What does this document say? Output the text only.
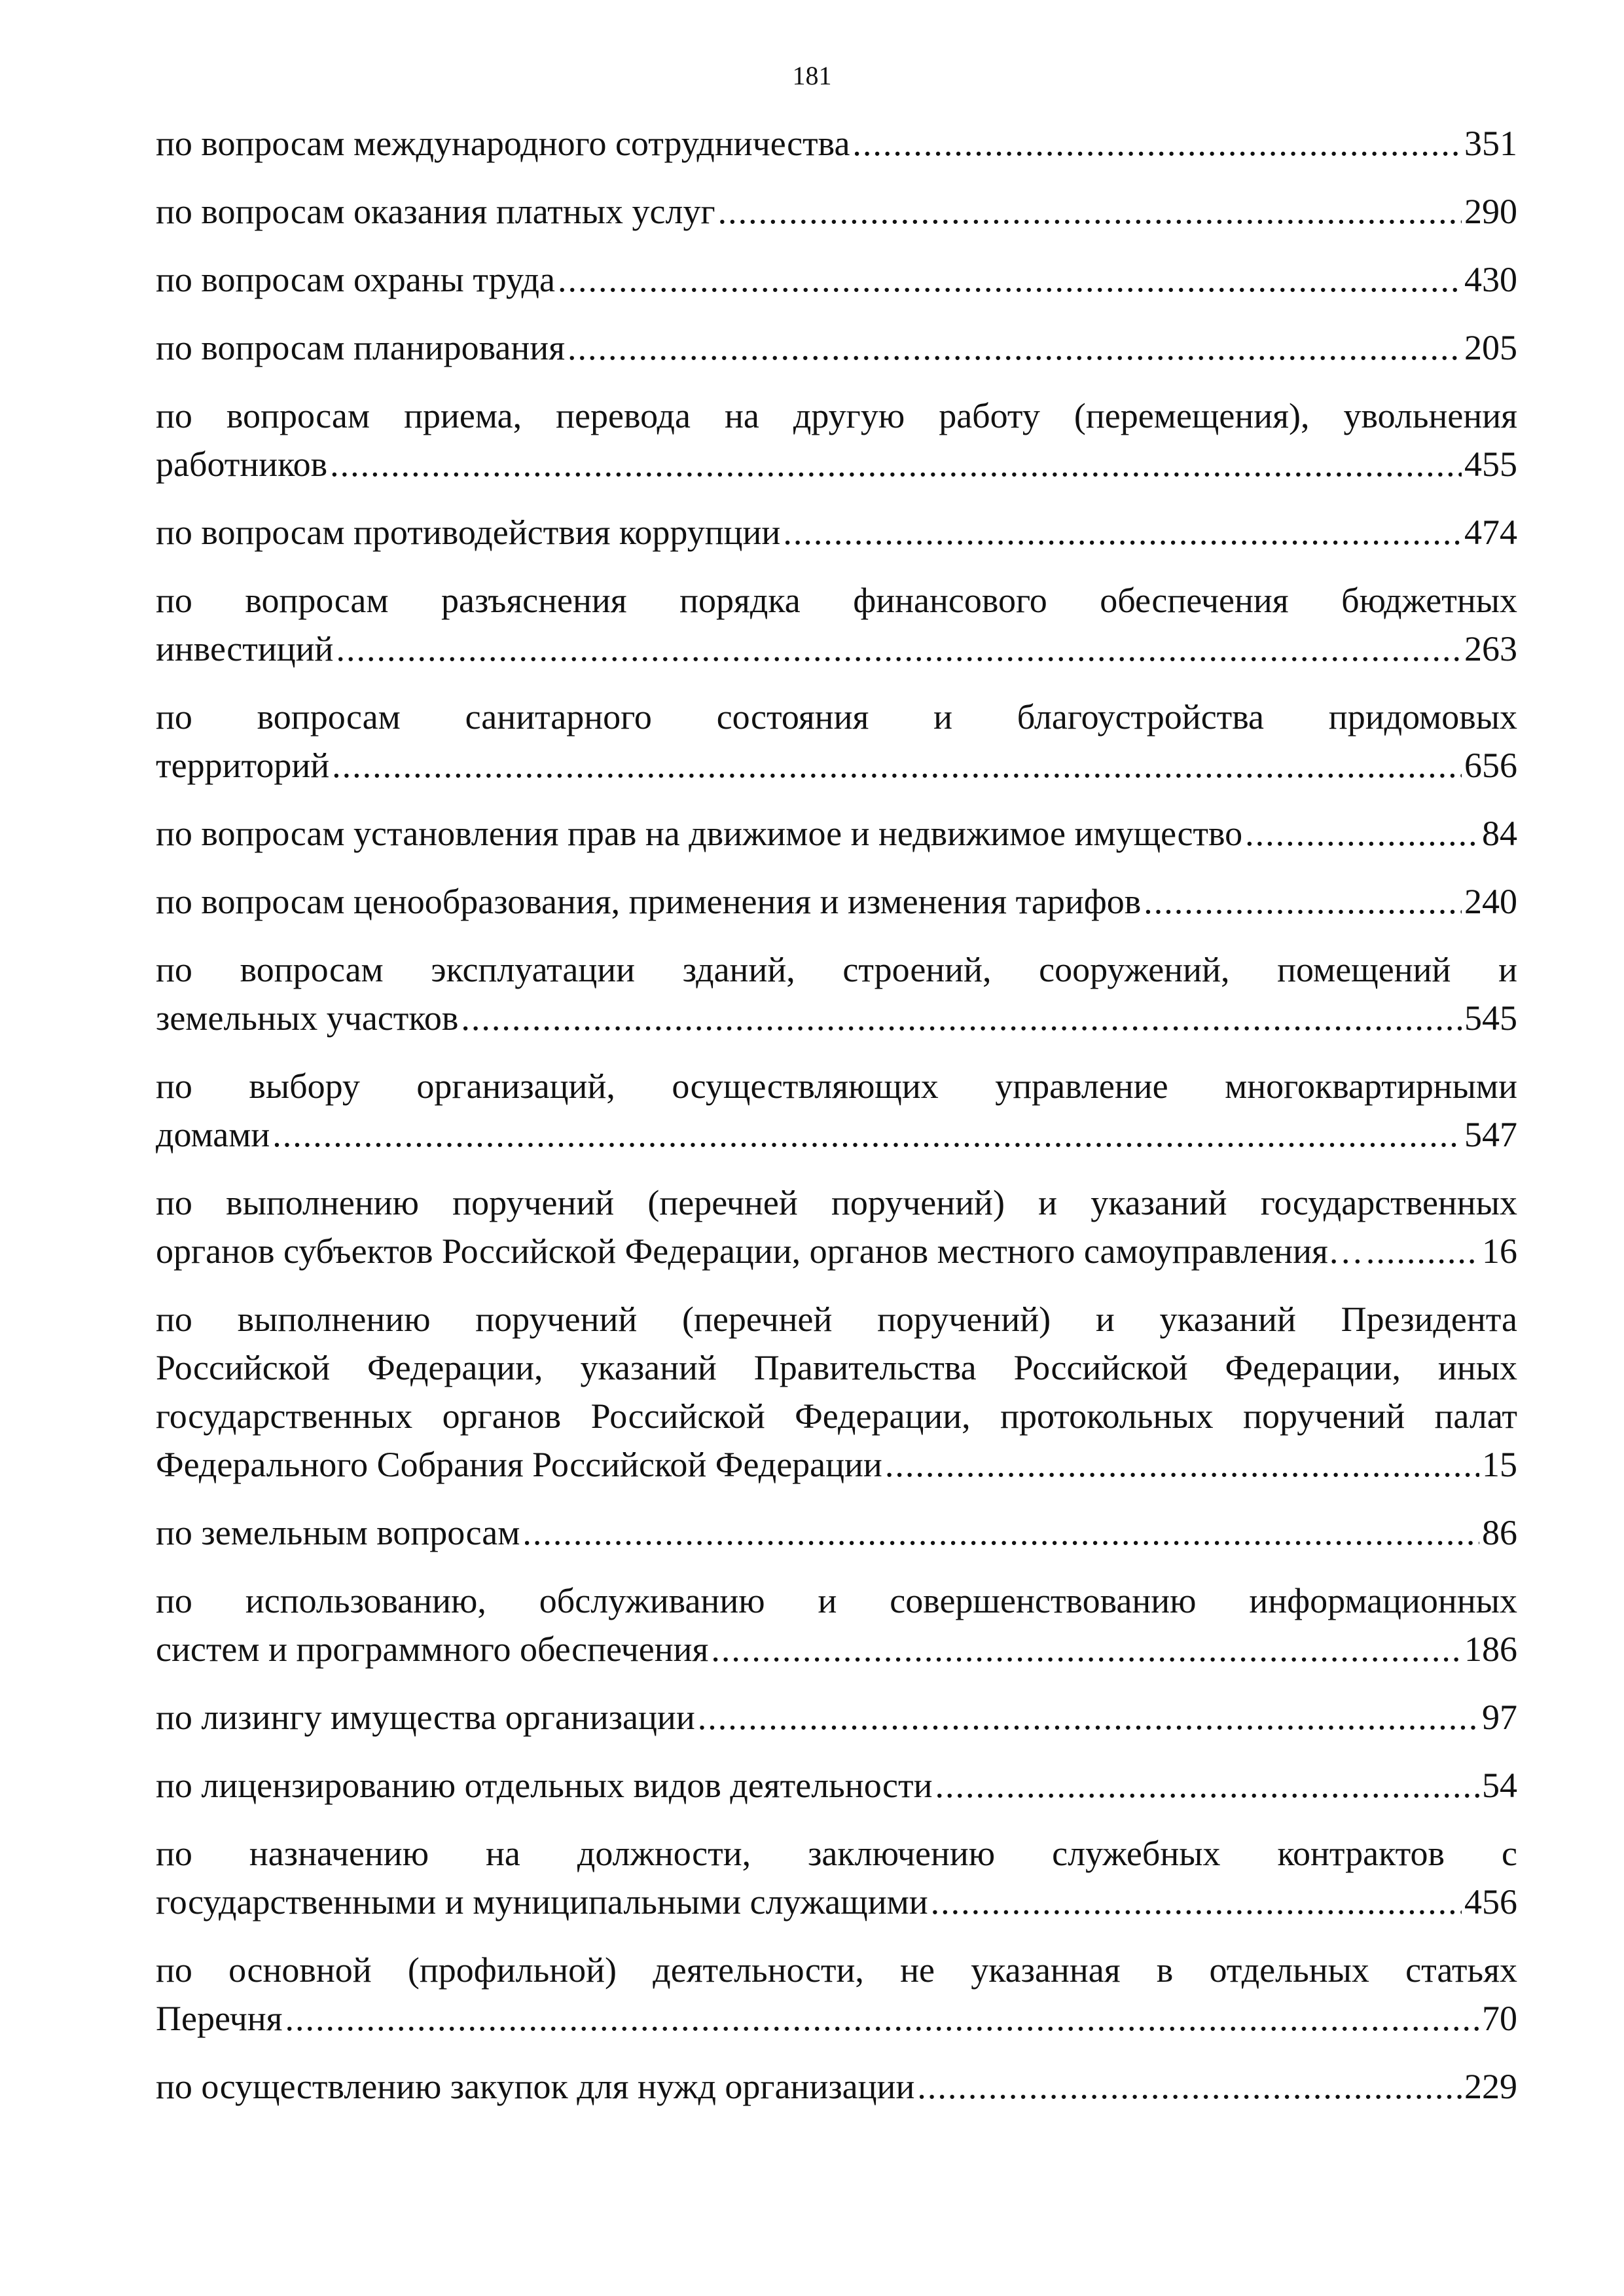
181
по вопросам международного сотрудничества .....	351
по вопросам оказания платных услуг .....	290
по вопросам охраны труда .....	430
по вопросам планирования .....	205
по вопросам приема, перевода на другую работу (перемещения), увольнения
работников .....	455
по вопросам противодействия коррупции .....	474
по вопросам разъяснения порядка финансового обеспечения бюджетных
инвестиций .....	263
по вопросам санитарного состояния и благоустройства придомовых
территорий .....	656
по вопросам установления прав на движимое и недвижимое имущество .....	84
по вопросам ценообразования, применения и изменения тарифов .....	240
по вопросам эксплуатации зданий, строений, сооружений, помещений и
земельных участков .....	545
по выбору организаций, осуществляющих управление многоквартирными
домами .....	547
по выполнению поручений (перечней поручений) и указаний государственных
органов субъектов Российской Федерации, органов местного самоуправления… .....	16
по выполнению поручений (перечней поручений) и указаний Президента
Российской Федерации, указаний Правительства Российской Федерации, иных
государственных органов Российской Федерации, протокольных поручений палат
Федерального Собрания Российской Федерации .....	15
по земельным вопросам .....	86
по использованию, обслуживанию и совершенствованию информационных
систем и программного обеспечения .....	186
по лизингу имущества организации .....	97
по лицензированию отдельных видов деятельности .....	54
по назначению на должности, заключению служебных контрактов с
государственными и муниципальными служащими .....	456
по основной (профильной) деятельности, не указанная в отдельных статьях
Перечня .....	70
по осуществлению закупок для нужд организации .....	229
